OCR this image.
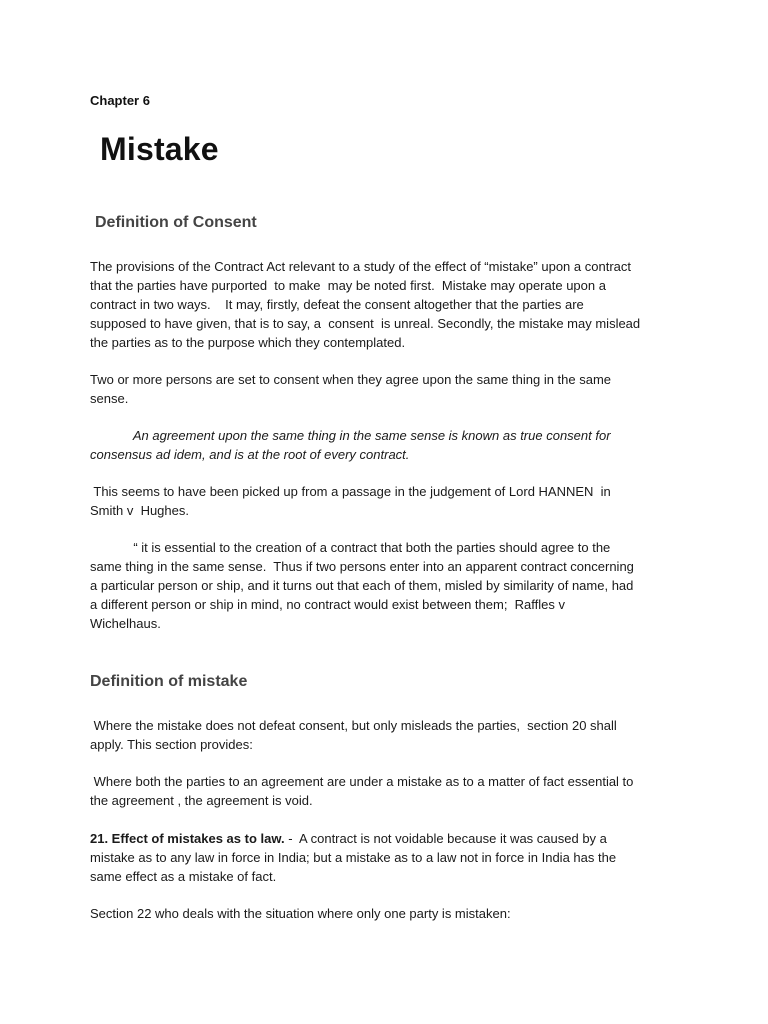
Chapter 6
Mistake
Definition of Consent

The provisions of the Contract Act relevant to a study of the effect of “mistake” upon a contract
that the parties have purported  to make  may be noted first.  Mistake may operate upon a
contract in two ways.    It may, firstly, defeat the consent altogether that the parties are
supposed to have given, that is to say, a  consent  is unreal. Secondly, the mistake may mislead
the parties as to the purpose which they contemplated.

Two or more persons are set to consent when they agree upon the same thing in the same
sense.

An agreement upon the same thing in the same sense is known as true consent for
consensus ad idem, and is at the root of every contract.

This seems to have been picked up from a passage in the judgement of Lord HANNEN  in
Smith v  Hughes.

“ it is essential to the creation of a contract that both the parties should agree to the
same thing in the same sense.  Thus if two persons enter into an apparent contract concerning
a particular person or ship, and it turns out that each of them, misled by similarity of name, had
a different person or ship in mind, no contract would exist between them;  Raffles v
Wichelhaus.

Definition of mistake

Where the mistake does not defeat consent, but only misleads the parties,  section 20 shall
apply. This section provides:

Where both the parties to an agreement are under a mistake as to a matter of fact essential to
the agreement , the agreement is void.

21. Effect of mistakes as to law. -  A contract is not voidable because it was caused by a
mistake as to any law in force in India; but a mistake as to a law not in force in India has the
same effect as a mistake of fact.

Section 22 who deals with the situation where only one party is mistaken:
